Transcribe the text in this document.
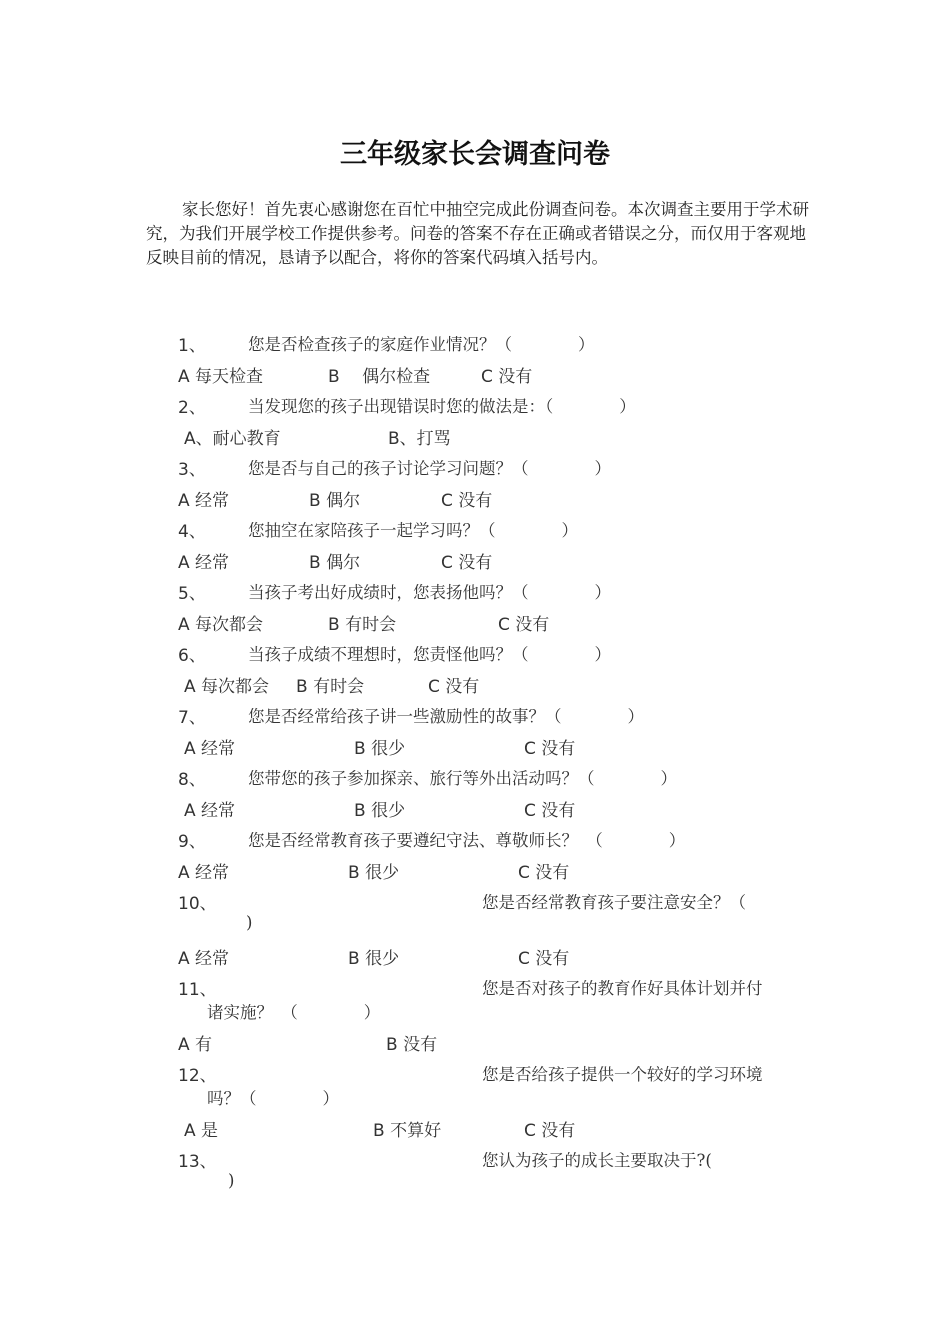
三年级家长会调查问卷
家长您好！首先衷心感谢您在百忙中抽空完成此份调查问卷。本次调查主要用于学术研究，为我们开展学校工作提供参考。问卷的答案不存在正确或者错误之分，而仅用于客观地反映目前的情况，恳请予以配合，将你的答案代码填入括号内。
1、	您是否检查孩子的家庭作业情况？（　　　　）
A 每天检查	B　 偶尔检查	C 没有
2、	当发现您的孩子出现错误时您的做法是：（　　　　）
A、耐心教育	B、打骂
3、	您是否与自己的孩子讨论学习问题？（　　　　）
A 经常	B 偶尔	C 没有
4、	您抽空在家陪孩子一起学习吗？（　　　　）
A 经常	B 偶尔	C 没有
5、	当孩子考出好成绩时，您表扬他吗？（　　　　）
A 每次都会	B 有时会	C 没有
6、	当孩子成绩不理想时，您责怪他吗？（　　　　）
A 每次都会 B 有时会	C 没有
7、	您是否经常给孩子讲一些激励性的故事？（　　　　）
A 经常	B 很少	C 没有
8、	您带您的孩子参加探亲、旅行等外出活动吗？（　　　　）
A 经常	B 很少	C 没有
9、	您是否经常教育孩子要遵纪守法、尊敬师长？　（　　　　）
A 经常	B 很少	C 没有
10、	您是否经常教育孩子要注意安全？（
)
A 经常	B 很少	C 没有
11、	您是否对孩子的教育作好具体计划并付
诸实施？　（　　　　）
A 有	B 没有
12、	您是否给孩子提供一个较好的学习环境
吗？（　　　　）
A 是	B 不算好	C 没有
13、	您认为孩子的成长主要取决于?(
)
